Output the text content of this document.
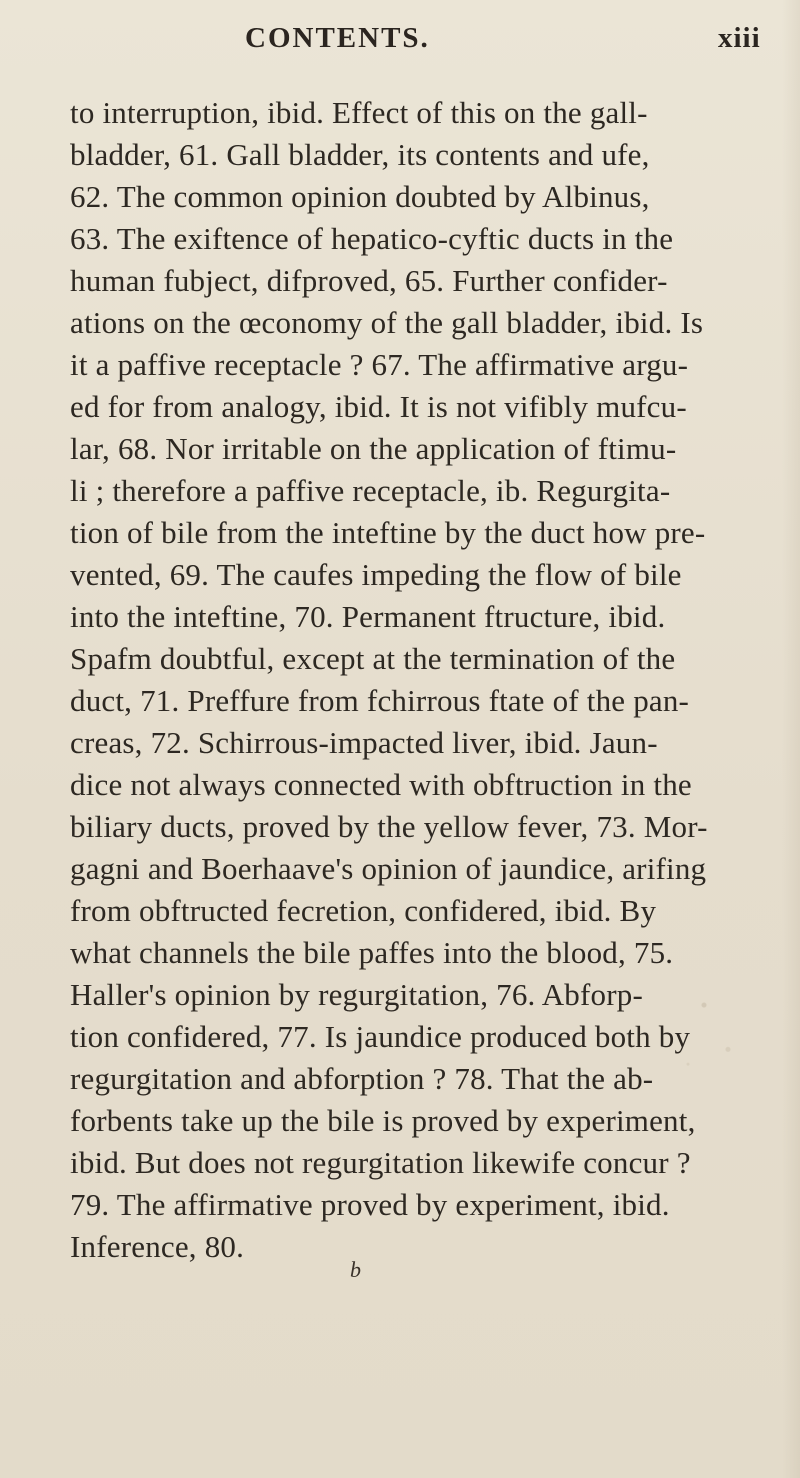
CONTENTS.	xiii
to interruption, ibid. Effect of this on the gall-
bladder, 61. Gall bladder, its contents and ufe,
62. The common opinion doubted by Albinus,
63. The exiftence of hepatico-cyftic ducts in the
human fubject, difproved, 65. Further confider-
ations on the œconomy of the gall bladder, ibid. Is
it a paffive receptacle ? 67. The affirmative argu-
ed for from analogy, ibid. It is not vifibly mufcu-
lar, 68. Nor irritable on the application of ftimu-
li ; therefore a paffive receptacle, ib. Regurgita-
tion of bile from the inteftine by the duct how pre-
vented, 69. The caufes impeding the flow of bile
into the inteftine, 70. Permanent ftructure, ibid.
Spafm doubtful, except at the termination of the
duct, 71. Preffure from fchirrous ftate of the pan-
creas, 72. Schirrous-impacted liver, ibid. Jaun-
dice not always connected with obftruction in the
biliary ducts, proved by the yellow fever, 73. Mor-
gagni and Boerhaave's opinion of jaundice, arifing
from obftructed fecretion, confidered, ibid. By
what channels the bile paffes into the blood, 75.
Haller's opinion by regurgitation, 76. Abforp-
tion confidered, 77. Is jaundice produced both by
regurgitation and abforption ? 78. That the ab-
forbents take up the bile is proved by experiment,
ibid. But does not regurgitation likewife concur ?
79. The affirmative proved by experiment, ibid.
Inference, 80.
b
